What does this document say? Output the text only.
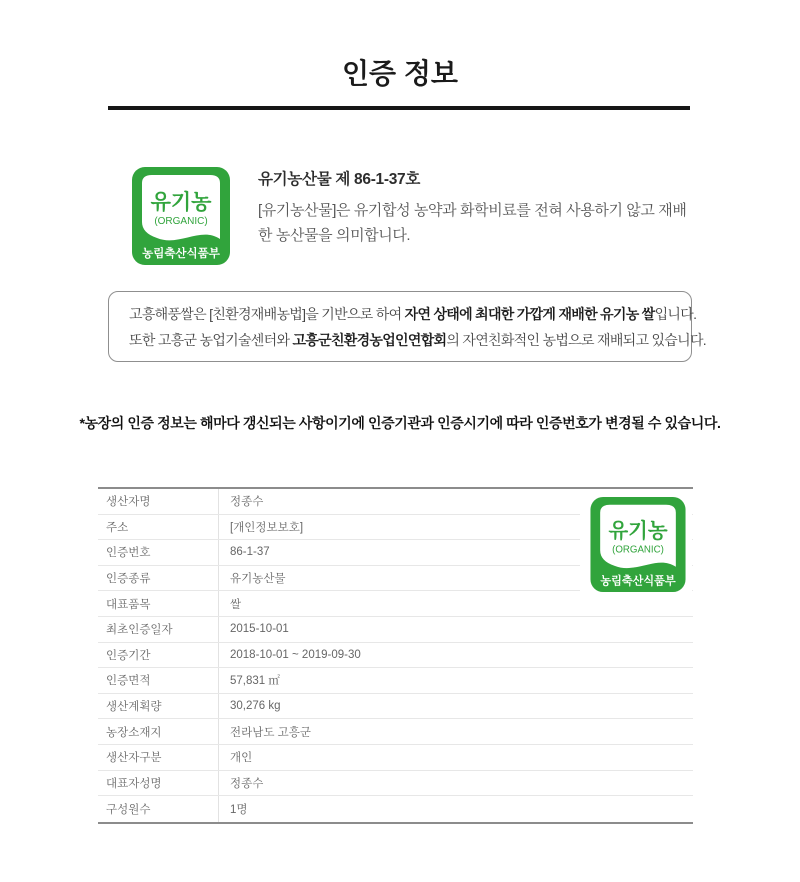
인증 정보
유기농
(ORGANIC)
농림축산식품부

유기농산물 제 86-1-37호

[유기농산물]은 유기합성 농약과 화학비료를 전혀 사용하기 않고 재배한 농산물을 의미합니다.

고흥해풍쌀은 [친환경재배농법]을 기반으로 하여 자연 상태에 최대한 가깝게 재배한 유기농 쌀입니다.

또한 고흥군 농업기술센터와 고흥군친환경농업인연합회의 자연친화적인 농법으로 재배되고 있습니다.

*농장의 인증 정보는 해마다 갱신되는 사항이기에 인증기관과 인증시기에 따라 인증번호가 변경될 수 있습니다.
생산자명	정종수
주소	[개인정보보호]
인증번호	86-1-37
인증종류	유기농산물
대표품목	쌀
최초인증일자	2015-10-01
인증기간	2018-10-01 ~ 2019-09-30
인증면적	57,831 ㎡
생산계획량	30,276 kg
농장소재지	전라남도 고흥군
생산자구분	개인
대표자성명	정종수
구성원수	1명
유기농
(ORGANIC)
농림축산식품부
